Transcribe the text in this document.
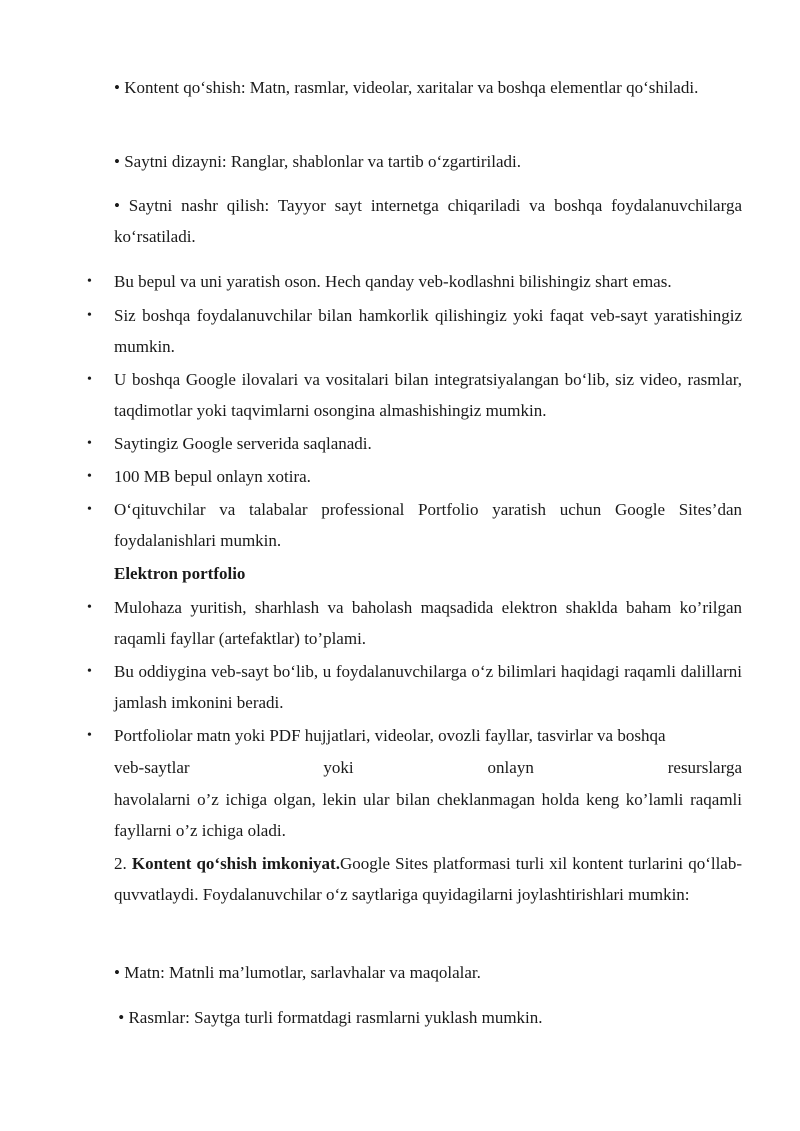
• Kontent qo‘shish: Matn, rasmlar, videolar, xaritalar va boshqa elementlar qo‘shiladi.

• Saytni dizayni: Ranglar, shablonlar va tartib o‘zgartiriladi.

• Saytni nashr qilish: Tayyor sayt internetga chiqariladi va boshqa foydalanuvchilarga ko‘rsatiladi.

• Bu bepul va uni yaratish oson. Hech qanday veb-kodlashni bilishingiz shart emas.

• Siz boshqa foydalanuvchilar bilan hamkorlik qilishingiz yoki faqat veb-sayt yaratishingiz mumkin.

• U boshqa Google ilovalari va vositalari bilan integratsiyalangan bo‘lib, siz video, rasmlar, taqdimotlar yoki taqvimlarni osongina almashishingiz mumkin.

• Saytingiz Google serverida saqlanadi.

• 100 MB bepul onlayn xotira.

• O‘qituvchilar va talabalar professional Portfolio yaratish uchun Google Sites’dan foydalanishlari mumkin.

Elektron portfolio

• Mulohaza yuritish, sharhlash va baholash maqsadida elektron shaklda baham ko’rilgan raqamli fayllar (artefaktlar) to’plami.

• Bu oddiygina veb-sayt bo‘lib, u foydalanuvchilarga o‘z bilimlari haqidagi raqamli dalillarni jamlash imkonini beradi.

• Portfoliolar matn yoki PDF hujjatlari, videolar, ovozli fayllar, tasvirlar va boshqa

veb-saytlar yoki onlayn resurslarga

havolalarni o’z ichiga olgan, lekin ular bilan cheklanmagan holda keng ko’lamli raqamli fayllarni o’z ichiga oladi.

2. Kontent qo‘shish imkoniyat.Google Sites platformasi turli xil kontent turlarini qo‘llab-quvvatlaydi. Foydalanuvchilar o‘z saytlariga quyidagilarni joylashtirishlari mumkin:

• Matn: Matnli ma’lumotlar, sarlavhalar va maqolalar.

• Rasmlar: Saytga turli formatdagi rasmlarni yuklash mumkin.
